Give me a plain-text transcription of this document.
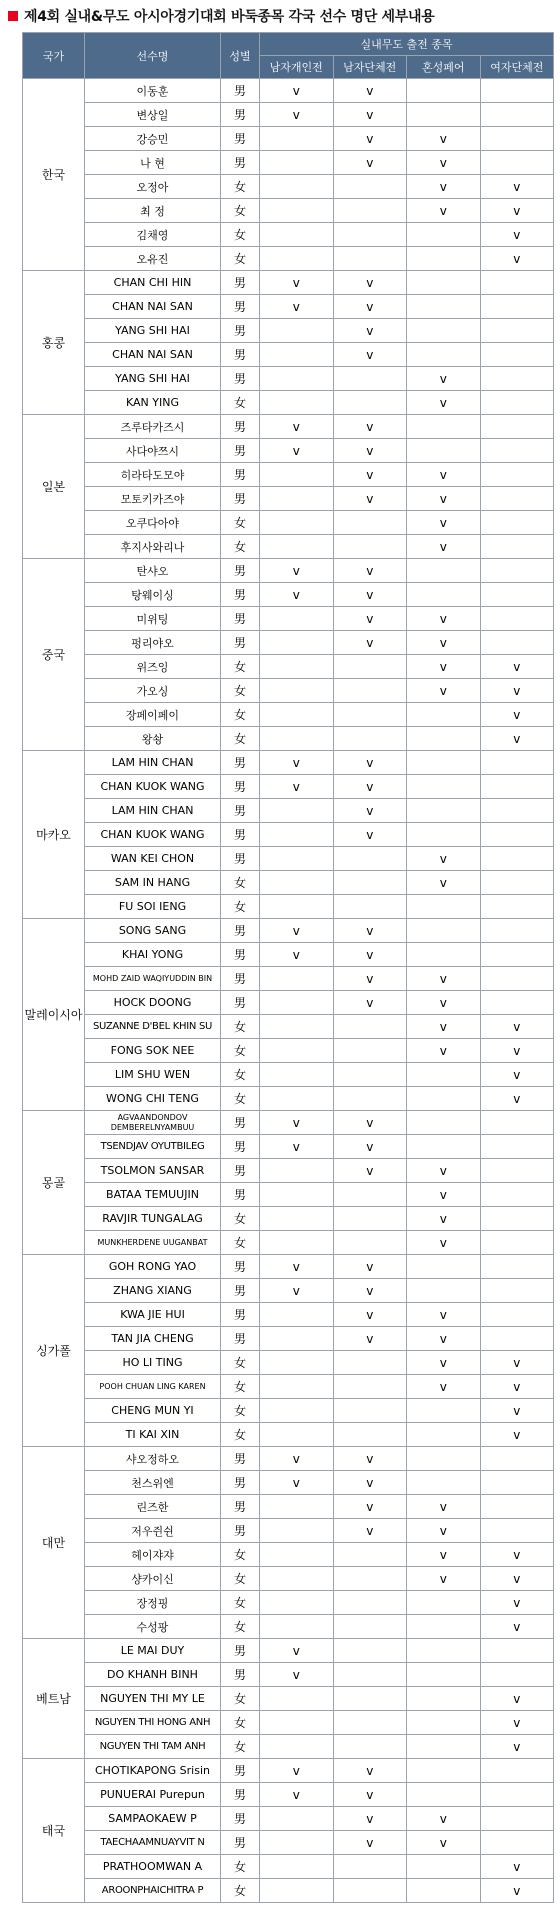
제4회 실내&무도 아시아경기대회 바둑종목 각국 선수 명단 세부내용
국가	선수명	성별	실내무도 출전 종목			
			남자개인전	남자단체전	혼성페어	여자단체전
한국	이동훈	男	v	v		
	변상일	男	v	v		
	강승민	男		v	v	
	나 현	男		v	v	
	오정아	女			v	v
	최 정	女			v	v
	김채영	女				v
	오유진	女				v
홍콩	CHAN CHI HIN	男	v	v		
	CHAN NAI SAN	男	v	v		
	YANG SHI HAI	男		v		
	CHAN NAI SAN	男		v		
	YANG SHI HAI	男			v	
	KAN YING	女			v	
일본	즈루타카즈시	男	v	v		
	사다야쯔시	男	v	v		
	히라타도모야	男		v	v	
	모토키카즈야	男		v	v	
	오쿠다아야	女			v	
	후지사와리나	女			v	
중국	탄샤오	男	v	v		
	탕웨이싱	男	v	v		
	미위팅	男		v	v	
	펑리야오	男		v	v	
	위즈잉	女			v	v
	가오싱	女			v	v
	장페이페이	女				v
	왕솽	女				v
마카오	LAM HIN CHAN	男	v	v		
	CHAN KUOK WANG	男	v	v		
	LAM HIN CHAN	男		v		
	CHAN KUOK WANG	男		v		
	WAN KEI CHON	男			v	
	SAM IN HANG	女			v	
	FU SOI IENG	女				
말레이시아	SONG SANG	男	v	v		
	KHAI YONG	男	v	v		
	MOHD ZAID WAQIYUDDIN BIN	男		v	v	
	HOCK DOONG	男		v	v	
	SUZANNE D'BEL KHIN SU	女			v	v
	FONG SOK NEE	女			v	v
	LIM SHU WEN	女				v
	WONG CHI TENG	女				v
몽골	AGVAANDONDOV DEMBERELNYAMBUU	男	v	v		
	TSENDJAV OYUTBILEG	男	v	v		
	TSOLMON SANSAR	男		v	v	
	BATAA TEMUUJIN	男			v	
	RAVJIR TUNGALAG	女			v	
	MUNKHERDENE UUGANBAT	女			v	
싱가폴	GOH RONG YAO	男	v	v		
	ZHANG XIANG	男	v	v		
	KWA JIE HUI	男		v	v	
	TAN JIA CHENG	男		v	v	
	HO LI TING	女			v	v
	POOH CHUAN LING KAREN	女			v	v
	CHENG MUN YI	女				v
	TI KAI XIN	女				v
대만	샤오정하오	男	v	v		
	천스위엔	男	v	v		
	린즈한	男		v	v	
	저우쥔쉰	男		v	v	
	헤이쟈쟈	女			v	v
	샹카이신	女			v	v
	장정핑	女				v
	수성팡	女				v
베트남	LE MAI DUY	男	v			
	DO KHANH BINH	男	v			
	NGUYEN THI MY LE	女				v
	NGUYEN THI HONG ANH	女				v
	NGUYEN THI TAM ANH	女				v
태국	CHOTIKAPONG Srisin	男	v	v		
	PUNUERAI Purepun	男	v	v		
	SAMPAOKAEW P	男		v	v	
	TAECHAAMNUAYVIT N	男		v	v	
	PRATHOOMWAN A	女				v
	AROONPHAICHITRA P	女				v
